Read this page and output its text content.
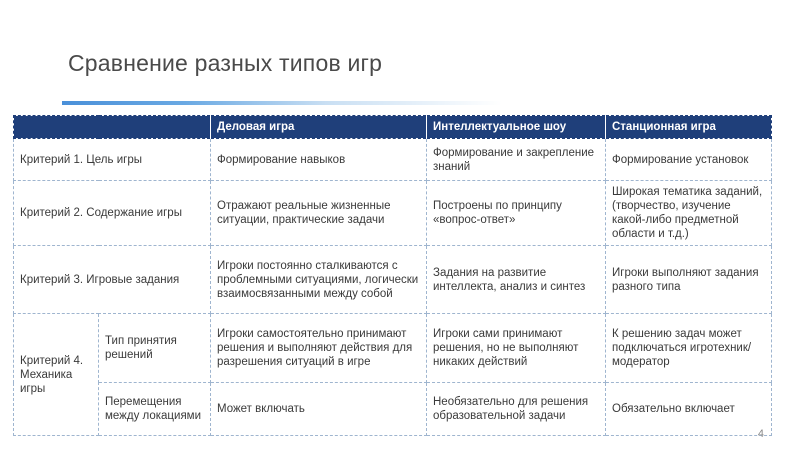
Сравнение разных типов игр
		Деловая игра	Интеллектуальное шоу	Станционная игра
Критерий 1. Цель игры		Формирование навыков	Формирование и закрепление знаний	Формирование установок
Критерий 2. Содержание игры		Отражают реальные жизненные ситуации, практические задачи	Построены по принципу «вопрос-ответ»	Широкая тематика заданий, (творчество, изучение какой-либо предметной области и т.д.)
Критерий 3. Игровые задания		Игроки постоянно сталкиваются с проблемными ситуациями, логически взаимосвязанными между собой	Задания на развитие интеллекта, анализ и синтез	Игроки выполняют задания разного типа
Критерий 4. Механика игры	Тип принятия решений	Игроки самостоятельно принимают решения и выполняют действия для разрешения ситуаций в игре	Игроки сами принимают решения, но не выполняют никаких действий	К решению задач может подключаться игротехник/модератор
	Перемещения между локациями	Может включать	Необязательно для решения образовательной задачи	Обязательно включает
4
